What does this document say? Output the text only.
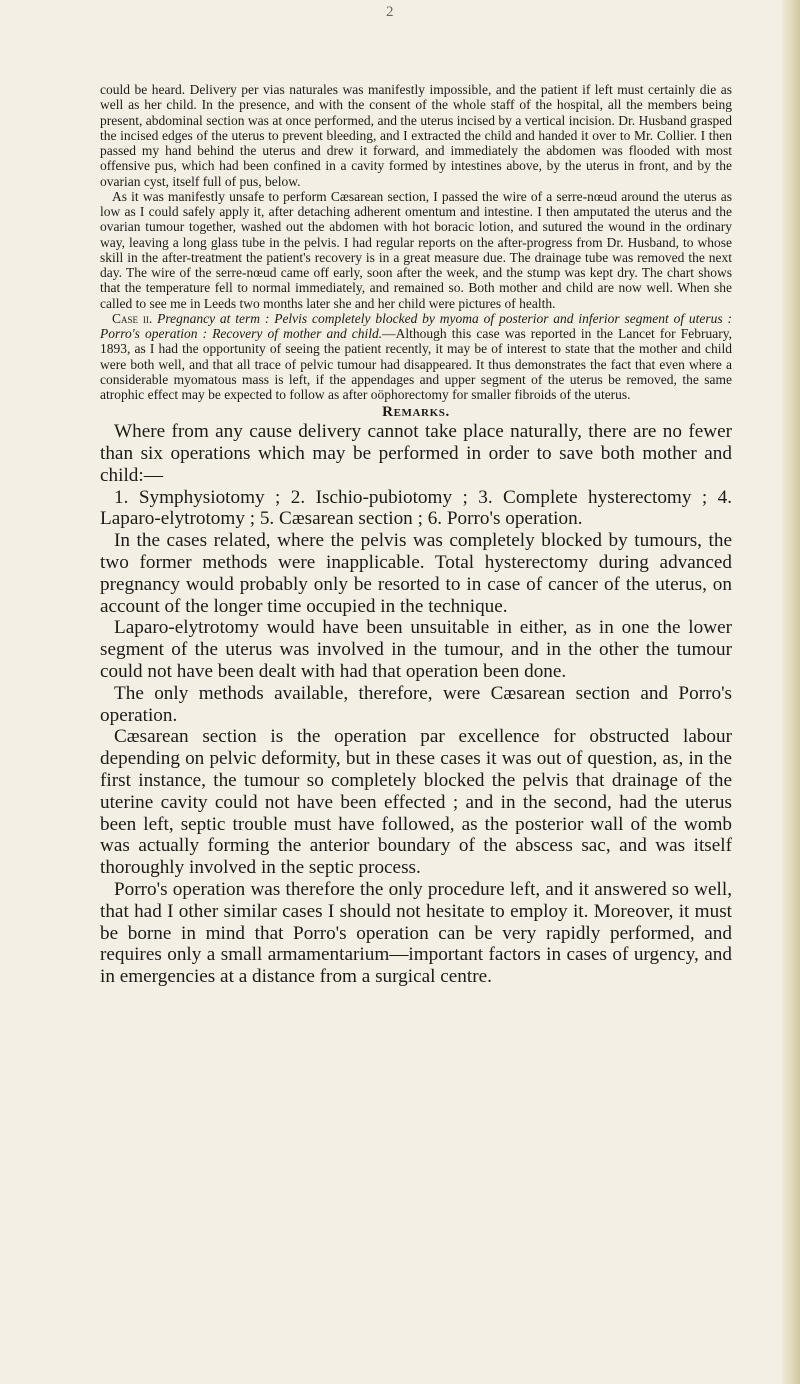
2

could be heard. Delivery per vias naturales was manifestly impossible, and the patient if left must certainly die as well as her child. In the presence, and with the consent of the whole staff of the hospital, all the members being present, abdominal section was at once performed, and the uterus incised by a vertical incision. Dr. Husband grasped the incised edges of the uterus to prevent bleeding, and I extracted the child and handed it over to Mr. Collier. I then passed my hand behind the uterus and drew it forward, and immediately the abdomen was flooded with most offensive pus, which had been confined in a cavity formed by intestines above, by the uterus in front, and by the ovarian cyst, itself full of pus, below.

As it was manifestly unsafe to perform Cæsarean section, I passed the wire of a serre-nœud around the uterus as low as I could safely apply it, after detaching adherent omentum and intestine. I then amputated the uterus and the ovarian tumour together, washed out the abdomen with hot boracic lotion, and sutured the wound in the ordinary way, leaving a long glass tube in the pelvis. I had regular reports on the after-progress from Dr. Husband, to whose skill in the after-treatment the patient's recovery is in a great measure due. The drainage tube was removed the next day. The wire of the serre-nœud came off early, soon after the week, and the stump was kept dry. The chart shows that the temperature fell to normal immediately, and remained so. Both mother and child are now well. When she called to see me in Leeds two months later she and her child were pictures of health.

Case ii. Pregnancy at term : Pelvis completely blocked by myoma of posterior and inferior segment of uterus : Porro's operation : Recovery of mother and child.—Although this case was reported in the Lancet for February, 1893, as I had the opportunity of seeing the patient recently, it may be of interest to state that the mother and child were both well, and that all trace of pelvic tumour had disappeared. It thus demonstrates the fact that even where a considerable myomatous mass is left, if the appendages and upper segment of the uterus be removed, the same atrophic effect may be expected to follow as after oöphorectomy for smaller fibroids of the uterus.

Remarks.

Where from any cause delivery cannot take place naturally, there are no fewer than six operations which may be performed in order to save both mother and child:—

1. Symphysiotomy ; 2. Ischio-pubiotomy ; 3. Complete hysterectomy ; 4. Laparo-elytrotomy ; 5. Cæsarean section ; 6. Porro's operation.

In the cases related, where the pelvis was completely blocked by tumours, the two former methods were inapplicable. Total hysterectomy during advanced pregnancy would probably only be resorted to in case of cancer of the uterus, on account of the longer time occupied in the technique.

Laparo-elytrotomy would have been unsuitable in either, as in one the lower segment of the uterus was involved in the tumour, and in the other the tumour could not have been dealt with had that operation been done.

The only methods available, therefore, were Cæsarean section and Porro's operation.

Cæsarean section is the operation par excellence for obstructed labour depending on pelvic deformity, but in these cases it was out of question, as, in the first instance, the tumour so completely blocked the pelvis that drainage of the uterine cavity could not have been effected ; and in the second, had the uterus been left, septic trouble must have followed, as the posterior wall of the womb was actually forming the anterior boundary of the abscess sac, and was itself thoroughly involved in the septic process.

Porro's operation was therefore the only procedure left, and it answered so well, that had I other similar cases I should not hesitate to employ it. Moreover, it must be borne in mind that Porro's operation can be very rapidly performed, and requires only a small armamentarium—important factors in cases of urgency, and in emergencies at a distance from a surgical centre.
